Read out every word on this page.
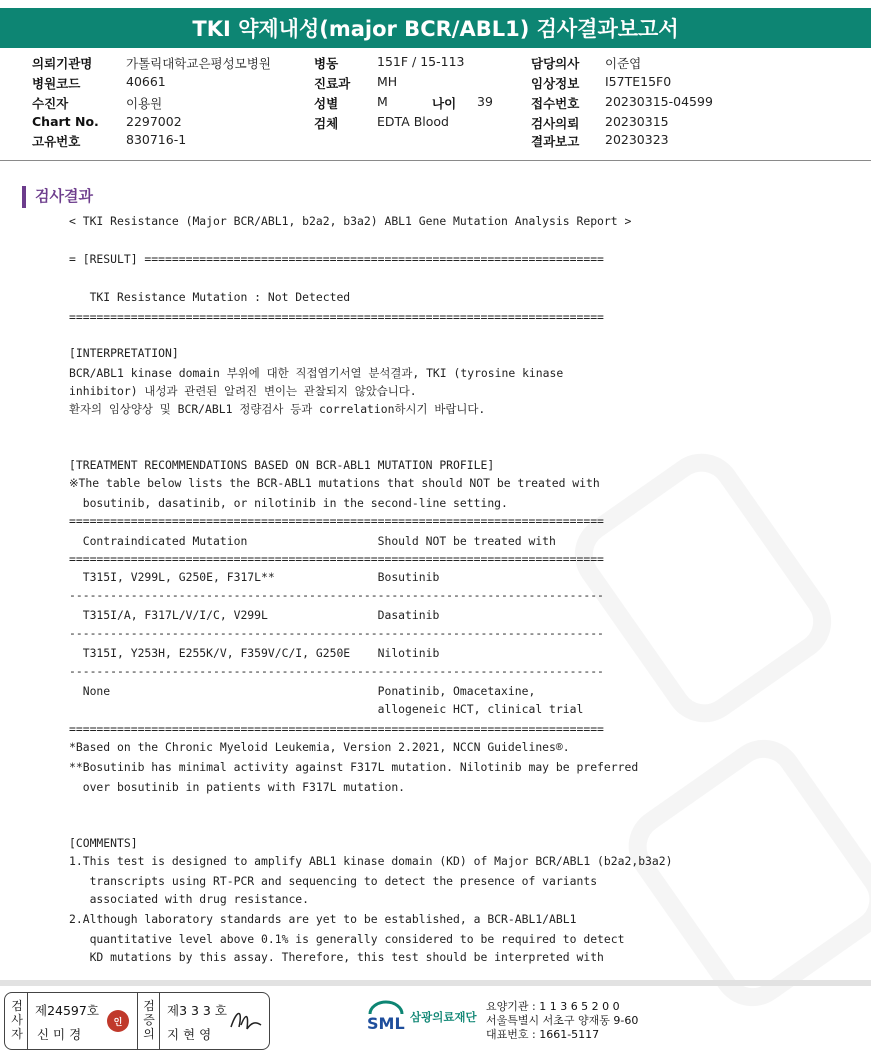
TKI 약제내성(major BCR/ABL1) 검사결과보고서
의뢰기관명	가톨릭대학교은평성모병원	병동	151F / 15-113	담당의사 이준엽
병원코드	40661	진료과 MH	임상정보 I57TE15F0
수진자	이용원	성별	M	나이 39	접수번호 20230315-04599
Chart No. 2297002	검체	EDTA Blood	검사의뢰 20230315
고유번호	830716-1	결과보고 20230323
검사결과
< TKI Resistance (Major BCR/ABL1, b2a2, b3a2) ABL1 Gene Mutation Analysis Report >
= [RESULT] ===================================================================
TKI Resistance Mutation : Not Detected
==============================================================================
[INTERPRETATION]
BCR/ABL1 kinase domain 부위에 대한 직접염기서열 분석결과, TKI (tyrosine kinase
inhibitor) 내성과 관련된 알려진 변이는 관찰되지 않았습니다.
환자의 임상양상 및 BCR/ABL1 정량검사 등과 correlation하시기 바랍니다.
[TREATMENT RECOMMENDATIONS BASED ON BCR-ABL1 MUTATION PROFILE]
※The table below lists the BCR-ABL1 mutations that should NOT be treated with
bosutinib, dasatinib, or nilotinib in the second-line setting.
==============================================================================
Contraindicated Mutation                   Should NOT be treated with
==============================================================================
T315I, V299L, G250E, F317L**               Bosutinib
------------------------------------------------------------------------------
T315I/A, F317L/V/I/C, V299L                Dasatinib
------------------------------------------------------------------------------
T315I, Y253H, E255K/V, F359V/C/I, G250E    Nilotinib
------------------------------------------------------------------------------
None                                       Ponatinib, Omacetaxine,
allogeneic HCT, clinical trial
==============================================================================
*Based on the Chronic Myeloid Leukemia, Version 2.2021, NCCN Guidelines®.
**Bosutinib has minimal activity against F317L mutation. Nilotinib may be preferred
over bosutinib in patients with F317L mutation.
[COMMENTS]
1.This test is designed to amplify ABL1 kinase domain (KD) of Major BCR/ABL1 (b2a2,b3a2)
transcripts using RT-PCR and sequencing to detect the presence of variants
associated with drug resistance.
2.Although laboratory standards are yet to be established, a BCR-ABL1/ABL1
quantitative level above 0.1% is generally considered to be required to detect
KD mutations by this assay. Therefore, this test should be interpreted with
검사자
제24597호
신 미 경
인
검증의
제3 3 3 호
지 현 영
SML 삼광의료재단
요양기관 : 1 1 3 6 5 2 0 0
서울특별시 서초구 양재동 9-60
대표번호 : 1661-5117
